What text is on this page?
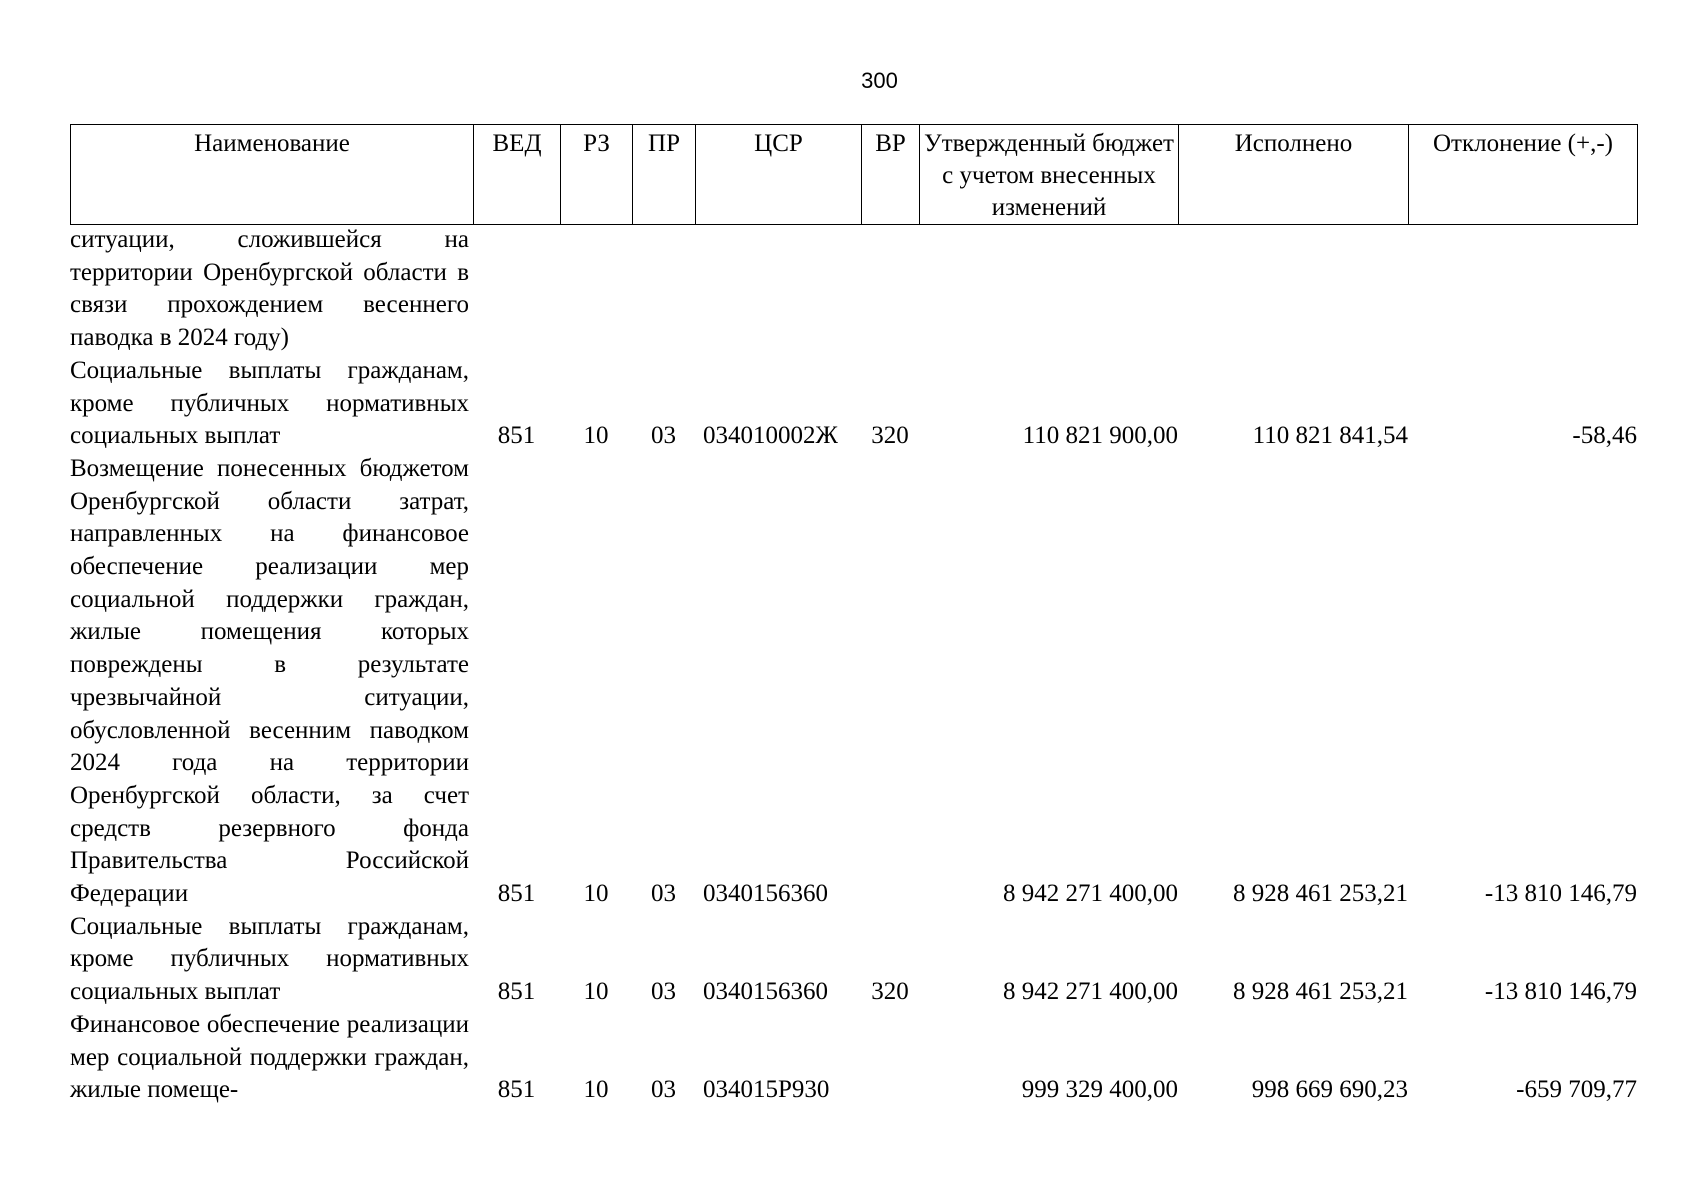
300
Наименование	ВЕД	РЗ	ПР	ЦСР	ВР	Утвержденный бюджет с учетом внесенных изменений	Исполнено	Отклонение (+,-)
ситуации, сложившейся на территории Оренбургской области в связи прохождением весеннего паводка в 2024 году)								
Социальные выплаты гражданам, кроме публичных нормативных социальных выплат	851	10	03	034010002Ж	320	110 821 900,00	110 821 841,54	-58,46
Возмещение понесенных бюджетом Оренбургской области затрат, направленных на финансовое обеспечение реализации мер социальной поддержки граждан, жилые помещения которых повреждены в результате чрезвычайной ситуации, обусловленной весенним паводком 2024 года на территории Оренбургской области, за счет средств резервного фонда Правительства Российской Федерации	851	10	03	0340156360		8 942 271 400,00	8 928 461 253,21	-13 810 146,79
Социальные выплаты гражданам, кроме публичных нормативных социальных выплат	851	10	03	0340156360	320	8 942 271 400,00	8 928 461 253,21	-13 810 146,79
Финансовое обеспечение реализации мер социальной поддержки граждан, жилые помеще-	851	10	03	034015Р930		999 329 400,00	998 669 690,23	-659 709,77
